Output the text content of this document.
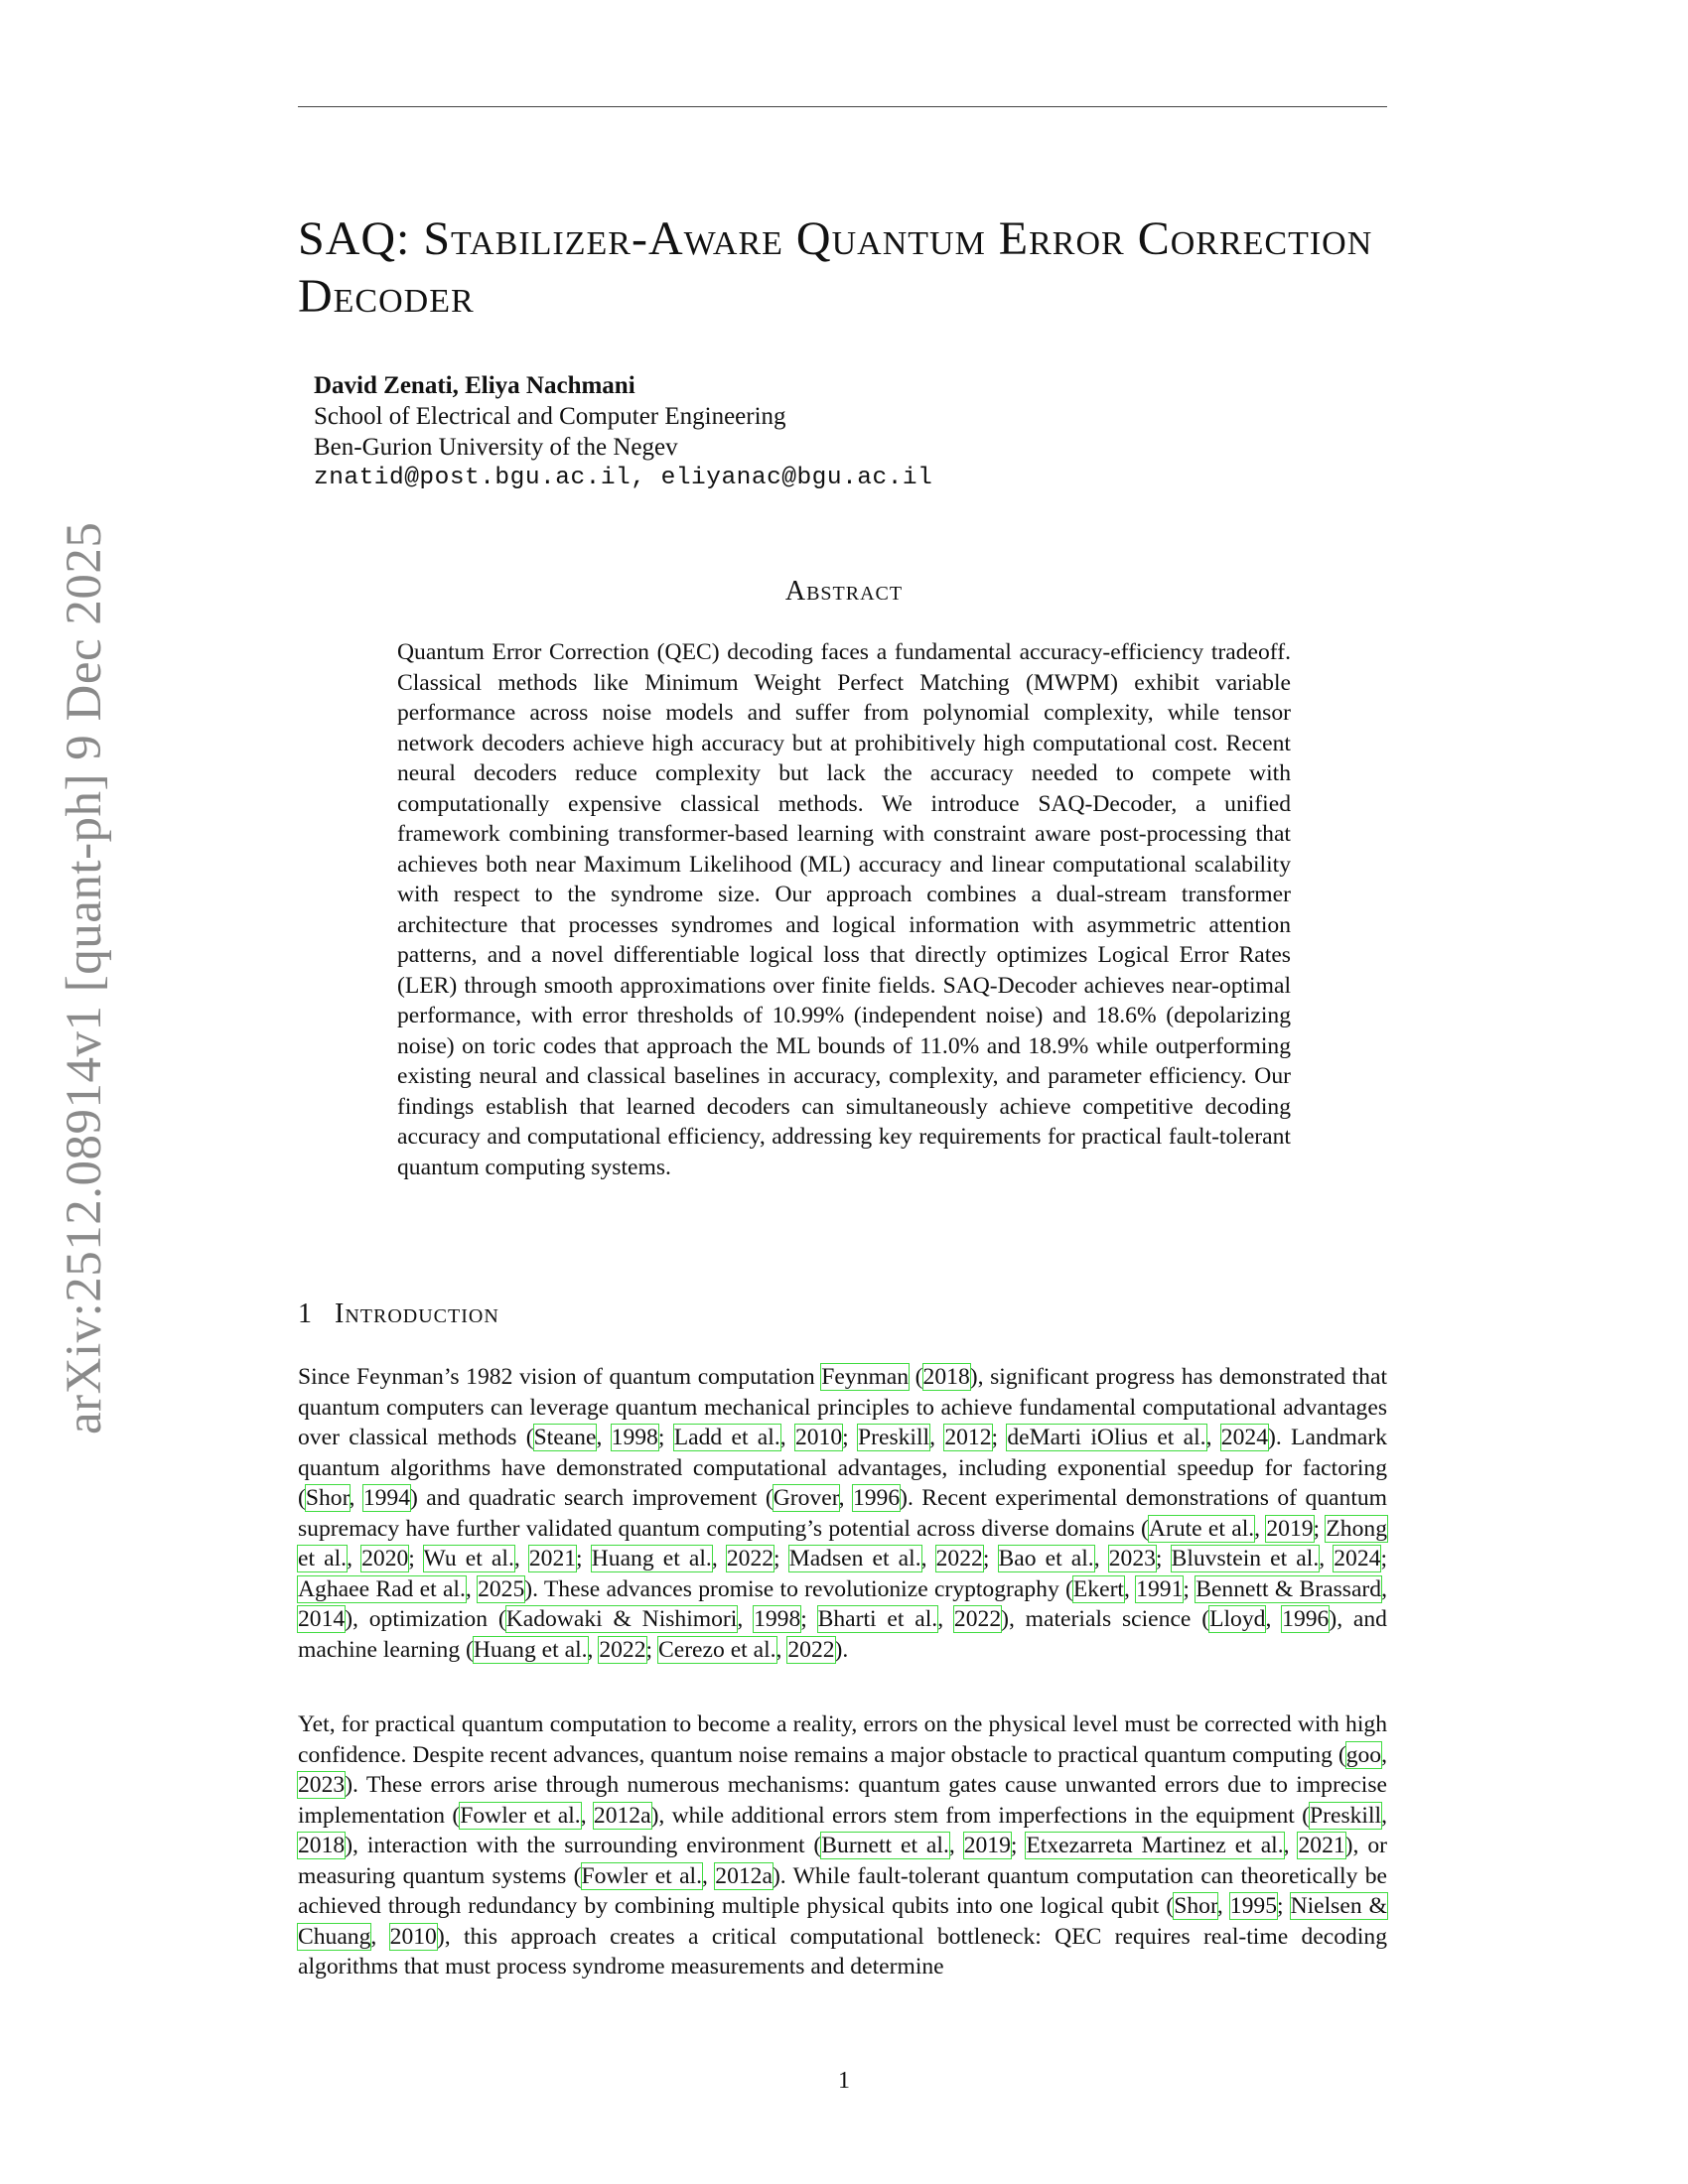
arXiv:2512.08914v1 [quant-ph] 9 Dec 2025
SAQ: Stabilizer-Aware Quantum Error Correction Decoder
David Zenati, Eliya Nachmani
School of Electrical and Computer Engineering
Ben-Gurion University of the Negev
znatid@post.bgu.ac.il, eliyanac@bgu.ac.il
Abstract
Quantum Error Correction (QEC) decoding faces a fundamental accuracy-efficiency tradeoff. Classical methods like Minimum Weight Perfect Matching (MWPM) exhibit variable performance across noise models and suffer from polynomial complexity, while tensor network decoders achieve high accuracy but at prohibitively high computational cost. Recent neural decoders reduce complexity but lack the accuracy needed to compete with computationally expensive classical methods. We introduce SAQ-Decoder, a unified framework combining transformer-based learning with constraint aware post-processing that achieves both near Maximum Likelihood (ML) accuracy and linear computational scalability with respect to the syndrome size. Our approach combines a dual-stream transformer architecture that processes syndromes and logical information with asymmetric attention patterns, and a novel differentiable logical loss that directly optimizes Logical Error Rates (LER) through smooth approximations over finite fields. SAQ-Decoder achieves near-optimal performance, with error thresholds of 10.99% (independent noise) and 18.6% (depolarizing noise) on toric codes that approach the ML bounds of 11.0% and 18.9% while outperforming existing neural and classical baselines in accuracy, complexity, and parameter efficiency. Our findings establish that learned decoders can simultaneously achieve competitive decoding accuracy and computational efficiency, addressing key requirements for practical fault-tolerant quantum computing systems.
1 Introduction
Since Feynman’s 1982 vision of quantum computation Feynman (2018), significant progress has demonstrated that quantum computers can leverage quantum mechanical principles to achieve fundamental computational advantages over classical methods (Steane, 1998; Ladd et al., 2010; Preskill, 2012; deMarti iOlius et al., 2024). Landmark quantum algorithms have demonstrated computational advantages, including exponential speedup for factoring (Shor, 1994) and quadratic search improvement (Grover, 1996). Recent experimental demonstrations of quantum supremacy have further validated quantum computing’s potential across diverse domains (Arute et al., 2019; Zhong et al., 2020; Wu et al., 2021; Huang et al., 2022; Madsen et al., 2022; Bao et al., 2023; Bluvstein et al., 2024; Aghaee Rad et al., 2025). These advances promise to revolutionize cryptography (Ekert, 1991; Bennett & Brassard, 2014), optimization (Kadowaki & Nishimori, 1998; Bharti et al., 2022), materials science (Lloyd, 1996), and machine learning (Huang et al., 2022; Cerezo et al., 2022).
Yet, for practical quantum computation to become a reality, errors on the physical level must be corrected with high confidence. Despite recent advances, quantum noise remains a major obstacle to practical quantum computing (goo, 2023). These errors arise through numerous mechanisms: quantum gates cause unwanted errors due to imprecise implementation (Fowler et al., 2012a), while additional errors stem from imperfections in the equipment (Preskill, 2018), interaction with the surrounding environment (Burnett et al., 2019; Etxezarreta Martinez et al., 2021), or measuring quantum systems (Fowler et al., 2012a). While fault-tolerant quantum computation can theoretically be achieved through redundancy by combining multiple physical qubits into one logical qubit (Shor, 1995; Nielsen & Chuang, 2010), this approach creates a critical computational bottleneck: QEC requires real-time decoding algorithms that must process syndrome measurements and determine
1
